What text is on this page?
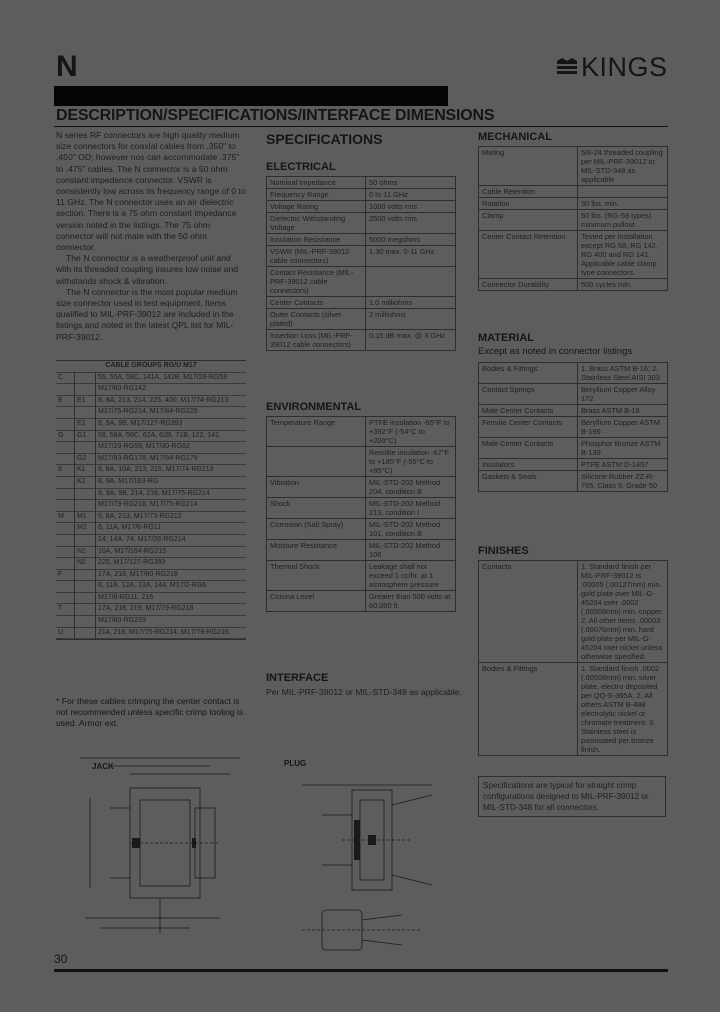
N	KINGS
DESCRIPTION/SPECIFICATIONS/INTERFACE DIMENSIONS
N series RF connectors are high quality medium size connectors for coaxial cables from .350" to .450" OD; however nos can accommodate .375" to .475" cables. The N connector is a 50 ohm constant impedance connector. VSWR is consistently low across its frequency range of 0 to 11 GHz. The N connector uses an air dielectric section. There is a 75 ohm constant impedance version noted in the listings. The 75 ohm connector will not mate with the 50 ohm connector.
The N connector is a weatherproof unit and with its threaded coupling insures low noise and withstands shock & vibration.
The N connector is the most popular medium size connector used in test equipment. Items qualified to MIL-PRF-39012 are included in the listings and noted in the latest QPL list for MIL-PRF-39012.
CABLE GROUPS RG/U M17		
C		55, 55A, 58C, 141A, 142B, M17/28-RG58
		M17/60-RG142
E	E1	8, 8A, 213, 214, 225, 400, M17/74-RG213
		M17/75-RG214, M17/84-RG225
	E2	9, 9A, 9B, M17/127-RG393
G	G1	58, 58A, 58C, 62A, 62B, 71B, 122, 141
		M17/29-RG59, M17/30-RG62
	G2	M17/93-RG178, M17/94-RG179
K	K1	8, 8A, 10A, 213, 215, M17/74-RG213
	K2	8, 9A, M17/163-RG
		9, 9A, 9B, 214, 216, M17/75-RG214
		M17/79-RG216, M17/75-RG214
M	M1	5, 8A, 213, M17/73-RG212
	M2	6, 11A, M17/6-RG11
		14, 14A, 74, M17/28-RG214
	N1	10A, M17/164-RG215
	N2	225, M17/127-RG393
F		17A, 218, M17/80-RG218
		6, 11A, 12A, 13A, 144, M17/2-RG6
		M17/6-RG11, 216
T		17A, 218, 219, M17/79-RG218
		M17/80-RG219
U		214, 216, M17/75-RG214, M17/79-RG216
* For these cables crimping the center contact is not recommended unless specific crimp tooling is used. Armor ext.
JACK	PLUG
SPECIFICATIONS
ELECTRICAL
Nominal Impedance	50 ohms
Frequency Range	0 to 11 GHz
Voltage Rating	1000 volts rms
Dielectric Withstanding Voltage	2500 volts rms
Insulation Resistance	5000 megohms
VSWR (MIL-PRF-39012 cable connectors)	1.30 max. 0-11 GHz
Contact Resistance (MIL-PRF-39012 cable connectors)	
Center Contacts	1.0 milliohms
Outer Contacts (silver plated)	2 milliohms
Insertion Loss (MIL-PRF-39012 cable connectors)	0.15 dB max. @ 3 GHz
ENVIRONMENTAL
Temperature Range	PTFE insulation -65°F to +392°F (-54°C to +200°C)
	Rexolite insulation -67°F to +185°F (-55°C to +85°C)
Vibration	MIL-STD-202 Method 204, condition B
Shock	MIL-STD-202 Method 213, condition I
Corrosion (Salt Spray)	MIL-STD-202 Method 101, condition B
Moisture Resistance	MIL-STD-202 Method 106
Thermal Shock	Leakage shall not exceed 1 cc/hr. at 1 atmosphere pressure
Corona Level	Greater than 500 volts at 60,000 ft.
INTERFACE
Per MIL-PRF-39012 or MIL-STD-348 as applicable.
MECHANICAL
Mating	5/8-24 threaded coupling per MIL-PRF-39012 or MIL-STD-348 as applicable
Cable Retention	
Rotation	30 lbs. min.
Clamp	60 lbs. (RG-58 types) minimum pullout
Center Contact Retention	Tested per installation except RG 58, RG 142, RG 400 and RG 141. Applicable cable clamp type connectors.
Connector Durability	500 cycles min.
MATERIAL
Except as noted in connector listings
Bodies & Fittings	1. Brass ASTM B-16; 2. Stainless Steel AISI 303
Contact Springs	Beryllium Copper Alloy 172
Male Center Contacts	Brass ASTM B-16
Female Center Contacts	Beryllium Copper ASTM B-196
Male Center Contacts	Phosphor Bronze ASTM B-139
Insulators	PTFE ASTM D-1457
Gaskets & Seals	Silicone Rubber ZZ-R-765, Class II, Grade 50
FINISHES
Contacts	1. Standard finish per MIL-PRF-39012 is .00005 (.00127mm) min. gold plate over MIL-G-45204 over .0002 (.00508mm) min. copper. 2. All other items .00003 (.00076mm) min. hard gold plate per MIL-G-45204 over nickel unless otherwise specified.
Bodies & Fittings	1. Standard finish .0002 (.00508mm) min. silver plate, electro deposited per QQ-S-365A. 2. All others ASTM B-488 electrolytic nickel or chromate treatment. 3. Stainless steel is passivated per bronze finish.
Specifications are typical for straight crimp configurations designed to MIL-PRF-39012 or MIL-STD-348 for all connectors.
30
